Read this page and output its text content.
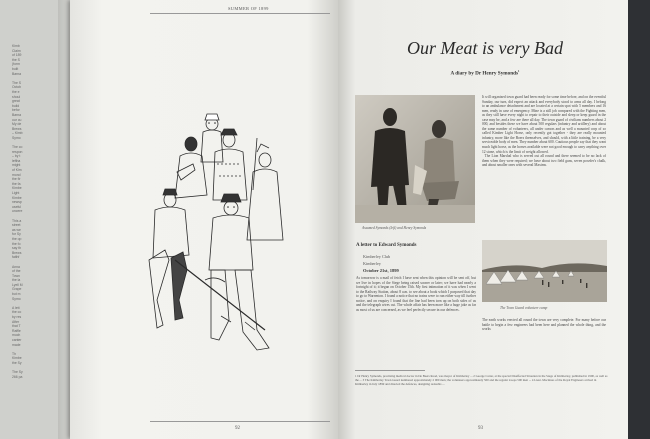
Kimb
Claim
of 189
the S
(form
built
Barna

The S
Octob
the e
shoul
great
build
befor
Barna
our cu
My de
Brews
– Kimb
Symo

The co
respon
– by t
leftha
might
of Kim
mond
the fir
the fa
Kimbe
Light
Kimbe
newsp
useful
uncere

This a
street
as we
for Sy
the op
the fo
say th
Brews
faithf

Anna
of the
Town
the la
Lyell M
Grape
but m
Symo

A lett
the co
by res
After
that T
Raffle
much
canter
made

Th
Kimbe
the Sy

The Sy
266 pa
SUMMER OF 1899
92
Our Meat is very Bad
A diary by Dr Henry Symonds$^1$
Assumed Symonds (left) and Henry Symonds
It will organized town guard had been ready for some time before, and on the eventful Sunday, our turn, did expect an attack and everybody stood to arms all day. I belong to an ambulance detachment and are located at a certain spot with 5 members and 16 men, ready in case of emergency. Mine is a still job compared with the Fighting men, as they still have every night to repair to their outside and sleep or keep guard in the case may be, and a few are there all day. The town guard of civilians numbers about 2 000, and besides these we have about 500 regulars (infantry and artillery) and about the same number of volunteers, all under canvas and as well a mounted corp of so called Kimber Light Horse, only recently got together - they are really mounted infantry, more like the Boers themselves, and should, with a little training, be a very serviceable body of men. They number about 600. Cautious people say that they want much light horse, as the horses available were not good enough to carry anything over 12 stone, which is the limit of weight allowed.
The Lion Marshal who is served out all round and there seemed to be no lack of them when they were required; we have about two field guns, seven powder's chalk, and about smaller ones with several Maxims.
A letter to Edward Symonds
Kimberley Club
Kimberley
October 21st, 1899
As tomorrow is a mail of fetch I have sent when this opinion will be sent off, but we live in hopes of the Siege being raised sooner or later; we have had nearly a fortnight of it; it began on October 15th. My first intimation of it was when I went to the Railway Station, about 8 a.m. to see about a book which I purposed that day to go to Warrenton. I found a notice that no trains were to run either way till further notice, and on enquiry I found that the line had been torn up on both sides of us and the telegraph wires cut. The whole affair has been more like a huge joke as far as most of us are concerned, as we feel perfectly secure in our defences.	The Town Guard volunteer camp
The earth works erected all round the town are very complete. For many before our battle to begin a few engineers had been here and planned the whole thing, and the works
1 Dr Henry Symonds, practising medical doctor in De Beers Road, was mayor of Kimberley ... 2 George Carter, at the special Disaffected Situation in the Siege of Kimberley, published in 1900, as well as the ... 3 The Kimberley Town Guard numbered approximately 2 000 men; the volunteers approximately 500 and the regular troops 500 men ... 4 Lieut. Macinnes of the Royal Engineers arrived in Kimberley in July 1899 and directed the defences, designing redoubts ...
93
